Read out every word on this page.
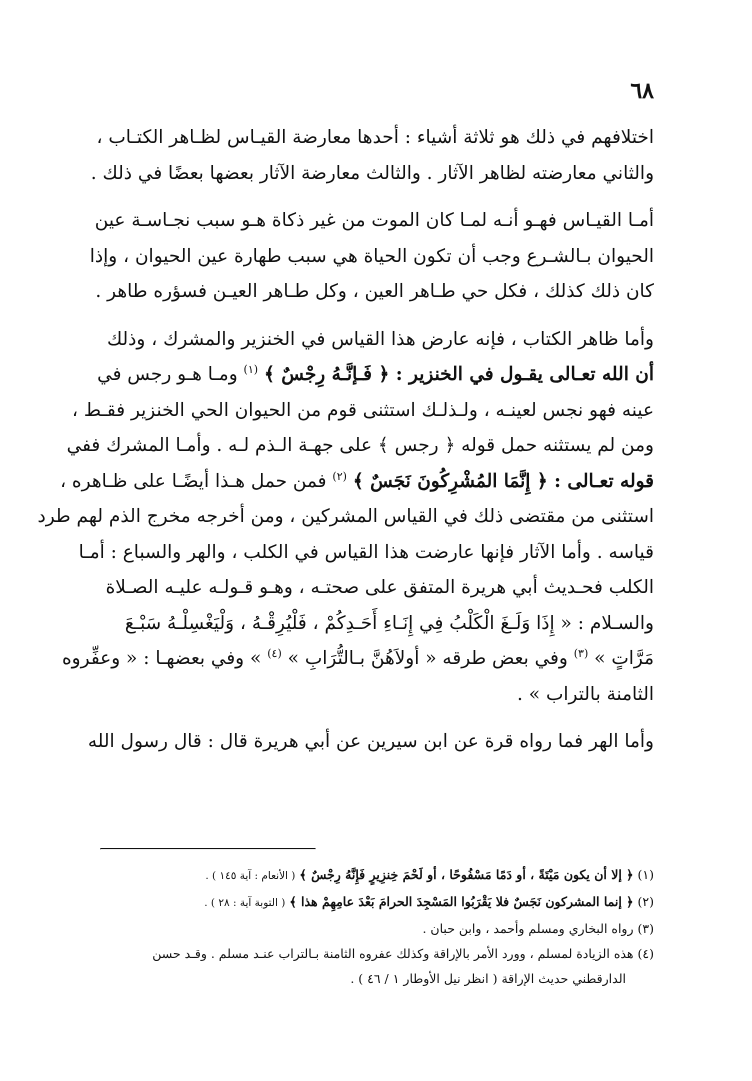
٦٨

اختلافهم في ذلك هو ثلاثة أشياء : أحدها معارضة القيـاس لظـاهر الكتـاب ،
والثاني معارضته لظاهر الآثار . والثالث معارضة الآثار بعضها بعضًا في ذلك .

أمـا القيـاس فهـو أنـه لمـا كان الموت من غير ذكاة هـو سبب نجـاسـة عين
الحيوان بـالشـرع وجب أن تكون الحياة هي سبب طهارة عين الحيوان ، وإذا
كان ذلك كذلك ، فكل حي طـاهر العين ، وكل طـاهر العيـن فسؤره طاهر .

وأما ظاهر الكتاب ، فإنه عارض هذا القياس في الخنزير والمشرك ، وذلك
أن الله تعـالى يقـول في الخنزير : ﴿ فَـإنَّـهُ رِجْسٌ ﴾ $^{(١)}$ ومـا هـو رجس في
عينه فهو نجس لعينـه ، ولـذلـك استثنى قوم من الحيوان الحي الخنزير فقـط ،
ومن لم يستثنه حمل قوله ﴿ رجس ﴾ على جهـة الـذم لـه . وأمـا المشرك ففي
قوله تعـالى : ﴿ إِنَّمَا المُشْرِكُونَ نَجَسٌ ﴾ $^{(٢)}$ فمن حمل هـذا أيضًـا على ظـاهره ،
استثنى من مقتضى ذلك في القياس المشركين ، ومن أخرجه مخرج الذم لهم طرد
قياسه . وأما الآثار فإنها عارضت هذا القياس في الكلب ، والهر والسباع : أمـا
الكلب فحـديث أبي هريرة المتفق على صحتـه ، وهـو قـولـه عليـه الصـلاة
والسـلام : « إِذَا وَلَـغَ الْكَلْبُ فِي إِنَـاءِ أَحَـدِكُمْ ، فَلْيُرِقْـهُ ، وَلْيَغْسِلْـهُ سَبْـعَ
مَرَّاتٍ » $^{(٣)}$ وفي بعض طرقه « أولاَهُنَّ بـالتُّرَابِ » $^{(٤)}$ » وفي بعضهـا : « وعفِّروه
الثامنة بالتراب » .

وأما الهر فما رواه قرة عن ابن سيرين عن أبي هريرة قال : قال رسول الله

(١) ﴿ إلا أن يكون مَيْتَةً ، أو دَمًا مَسْفُوحًا ، أو لَحْمَ خِنزِيرٍ فَإِنَّهُ رِجْسٌ ﴾ ( الأنعام : آية ١٤٥ ) .
(٢) ﴿ إنما المشركون نَجَسٌ فلا يَقْرَبُوا المَسْجِدَ الحرامَ بَعْدَ عامِهِمْ هذا ﴾ ( التوبة آية : ٢٨ ) .
(٣) رواه البخاري ومسلم وأحمد ، وابن حبان .
(٤) هذه الزيادة لمسلم ، وورد الأمر بالإراقة وكذلك عفروه الثامنة بـالتراب عنـد مسلم . وقـد حسن
الدارقطني حديث الإراقة ( انظر نيل الأوطار ١ / ٤٦ ) .
